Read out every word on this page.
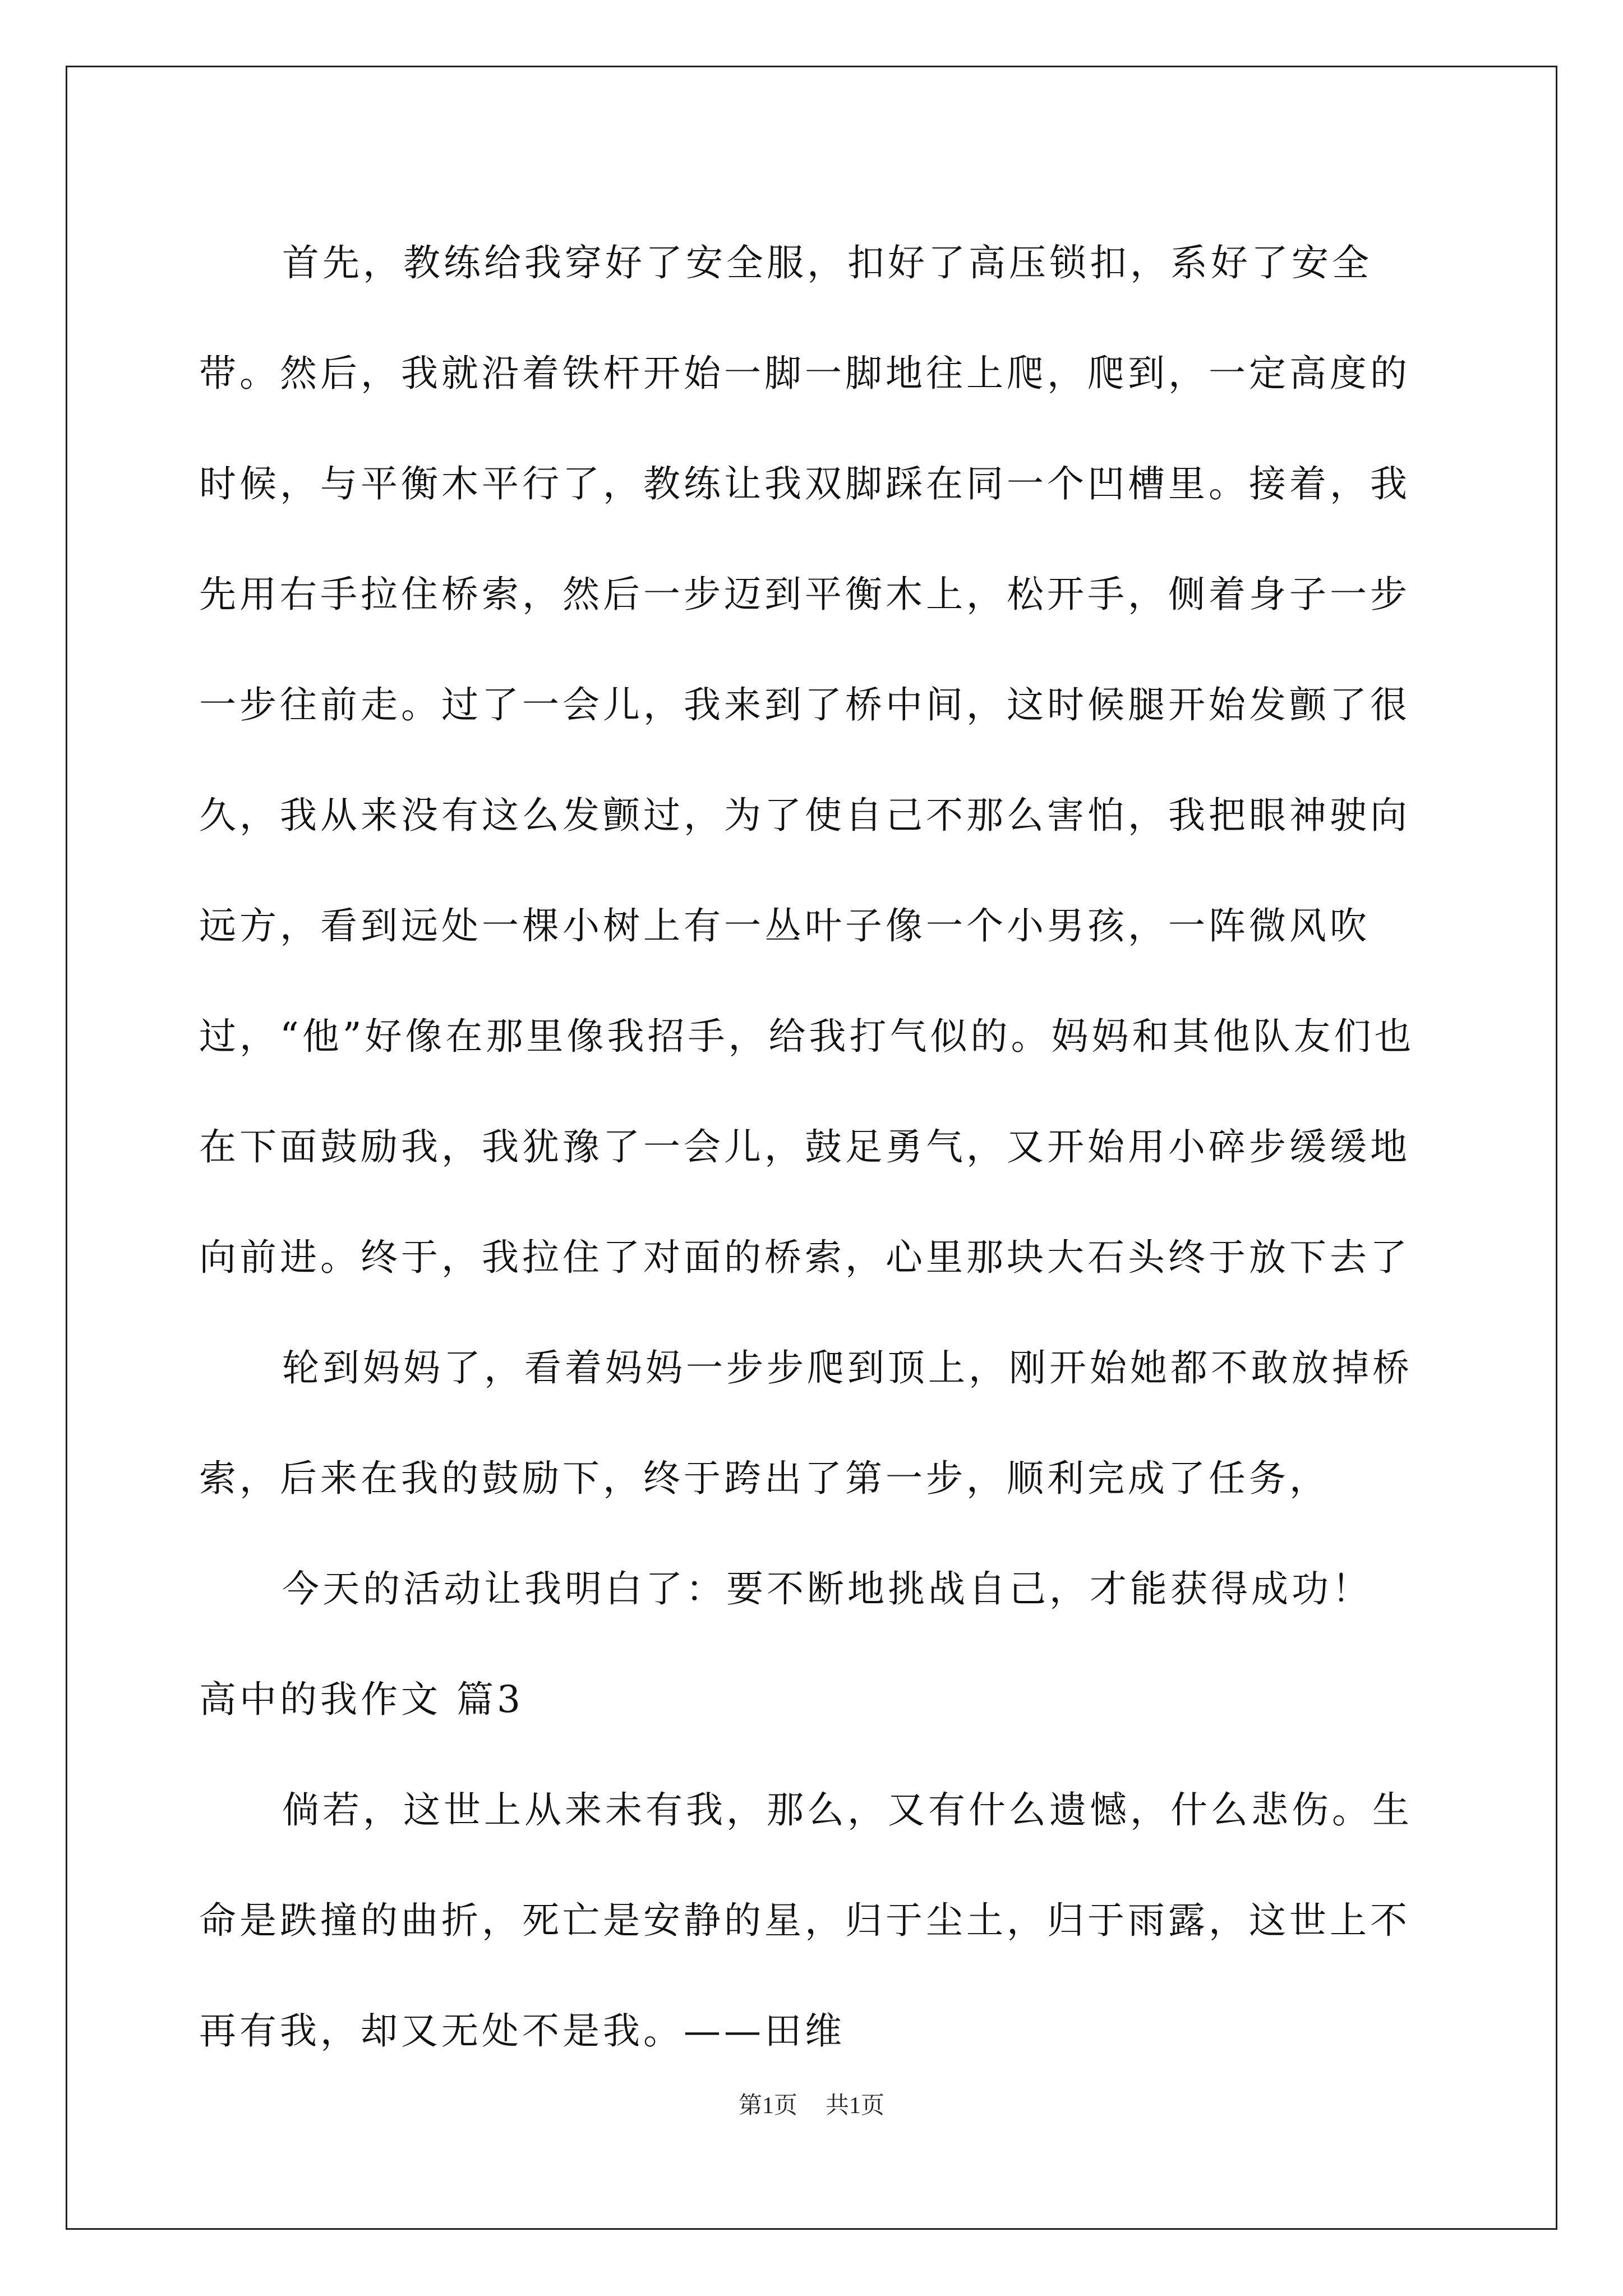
首先，教练给我穿好了安全服，扣好了高压锁扣，系好了安全带。然后，我就沿着铁杆开始一脚一脚地往上爬，爬到，一定高度的时候，与平衡木平行了，教练让我双脚踩在同一个凹槽里。接着，我先用右手拉住桥索，然后一步迈到平衡木上，松开手，侧着身子一步一步往前走。过了一会儿，我来到了桥中间，这时候腿开始发颤了很久，我从来没有这么发颤过，为了使自己不那么害怕，我把眼神驶向远方，看到远处一棵小树上有一丛叶子像一个小男孩，一阵微风吹过，“他”好像在那里像我招手，给我打气似的。妈妈和其他队友们也在下面鼓励我，我犹豫了一会儿，鼓足勇气，又开始用小碎步缓缓地向前进。终于，我拉住了对面的桥索，心里那块大石头终于放下去了

轮到妈妈了，看着妈妈一步步爬到顶上，刚开始她都不敢放掉桥索，后来在我的鼓励下，终于跨出了第一步，顺利完成了任务，

今天的活动让我明白了：要不断地挑战自己，才能获得成功！

高中的我作文 篇3

倘若，这世上从来未有我，那么，又有什么遗憾，什么悲伤。生命是跌撞的曲折，死亡是安静的星，归于尘土，归于雨露，这世上不再有我，却又无处不是我。——田维

第1页 共1页
